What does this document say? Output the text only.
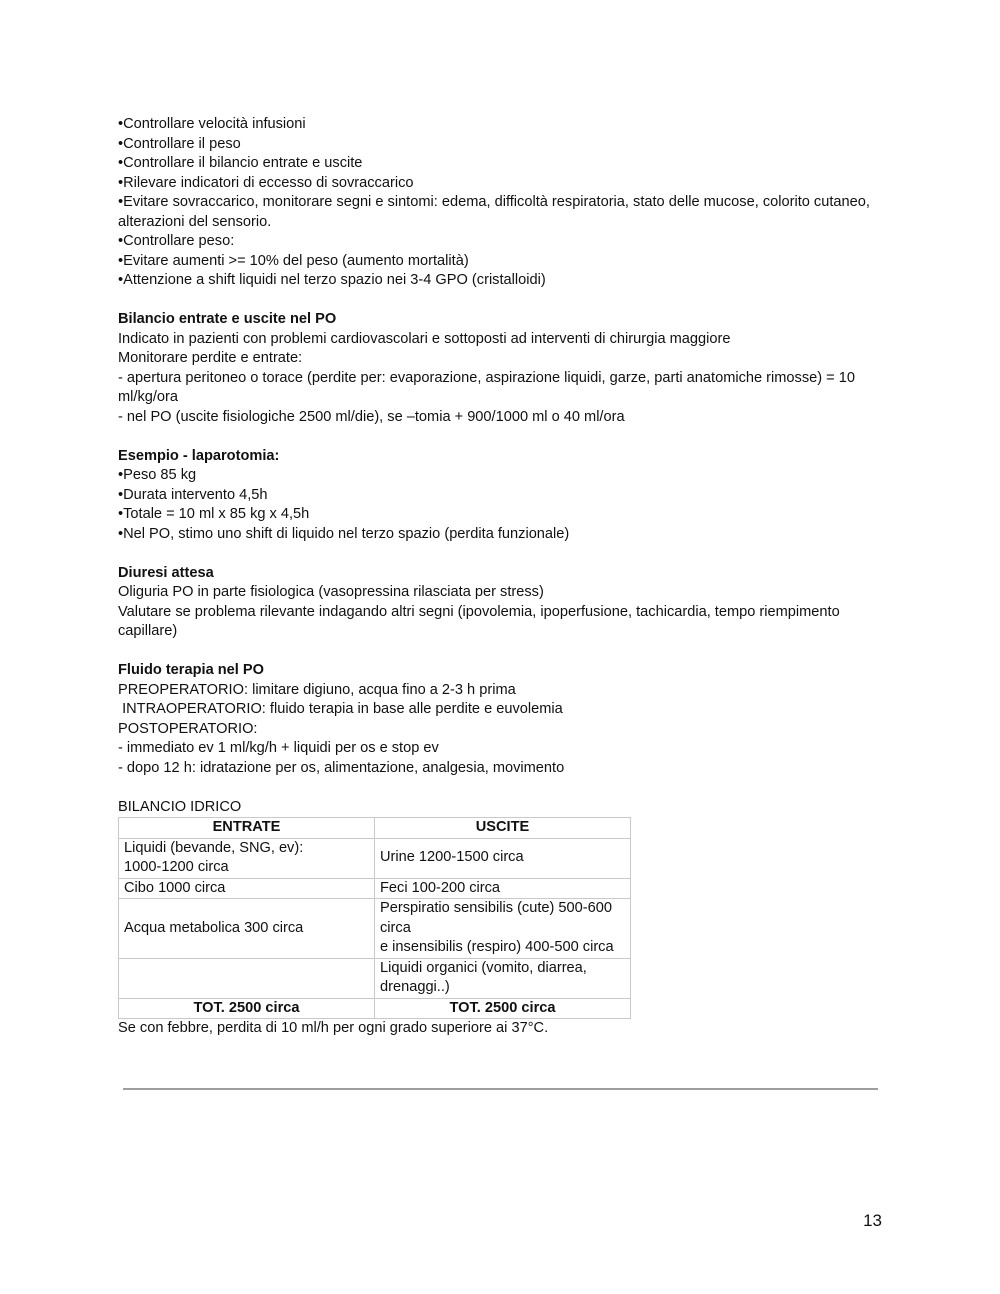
•Controllare velocità infusioni
•Controllare il peso
•Controllare il bilancio entrate e uscite
•Rilevare indicatori di eccesso di sovraccarico
•Evitare sovraccarico, monitorare segni e sintomi: edema, difficoltà respiratoria, stato delle mucose, colorito cutaneo, alterazioni del sensorio.
•Controllare peso:
•Evitare aumenti >= 10% del peso (aumento mortalità)
•Attenzione a shift liquidi nel terzo spazio nei 3-4 GPO (cristalloidi)
Bilancio entrate e uscite nel PO
Indicato in pazienti con problemi cardiovascolari e sottoposti ad interventi di chirurgia maggiore
Monitorare perdite e entrate:
- apertura peritoneo o torace (perdite per: evaporazione, aspirazione liquidi, garze, parti anatomiche rimosse) = 10 ml/kg/ora
- nel PO (uscite fisiologiche 2500 ml/die), se –tomia + 900/1000 ml o 40 ml/ora
Esempio - laparotomia:
•Peso 85 kg
•Durata intervento 4,5h
•Totale = 10 ml x 85 kg x 4,5h
•Nel PO, stimo uno shift di liquido nel terzo spazio (perdita funzionale)
Diuresi attesa
Oliguria PO in parte fisiologica (vasopressina rilasciata per stress)
Valutare se problema rilevante indagando altri segni (ipovolemia, ipoperfusione, tachicardia, tempo riempimento capillare)
Fluido terapia nel PO
PREOPERATORIO: limitare digiuno, acqua fino a 2-3 h prima
INTRAOPERATORIO: fluido terapia in base alle perdite e euvolemia
POSTOPERATORIO:
- immediato ev 1 ml/kg/h + liquidi per os e stop ev
- dopo 12 h: idratazione per os, alimentazione, analgesia, movimento
BILANCIO IDRICO
ENTRATE	USCITE
Liquidi (bevande, SNG, ev):
1000-1200 circa	Urine 1200-1500 circa
Cibo 1000 circa	Feci 100-200 circa
Acqua metabolica 300 circa	Perspiratio sensibilis (cute) 500-600 circa
e insensibilis (respiro) 400-500 circa
	Liquidi organici (vomito, diarrea, drenaggi..)
TOT. 2500 circa	TOT. 2500 circa
Se con febbre, perdita di 10 ml/h per ogni grado superiore ai 37°C.
13
